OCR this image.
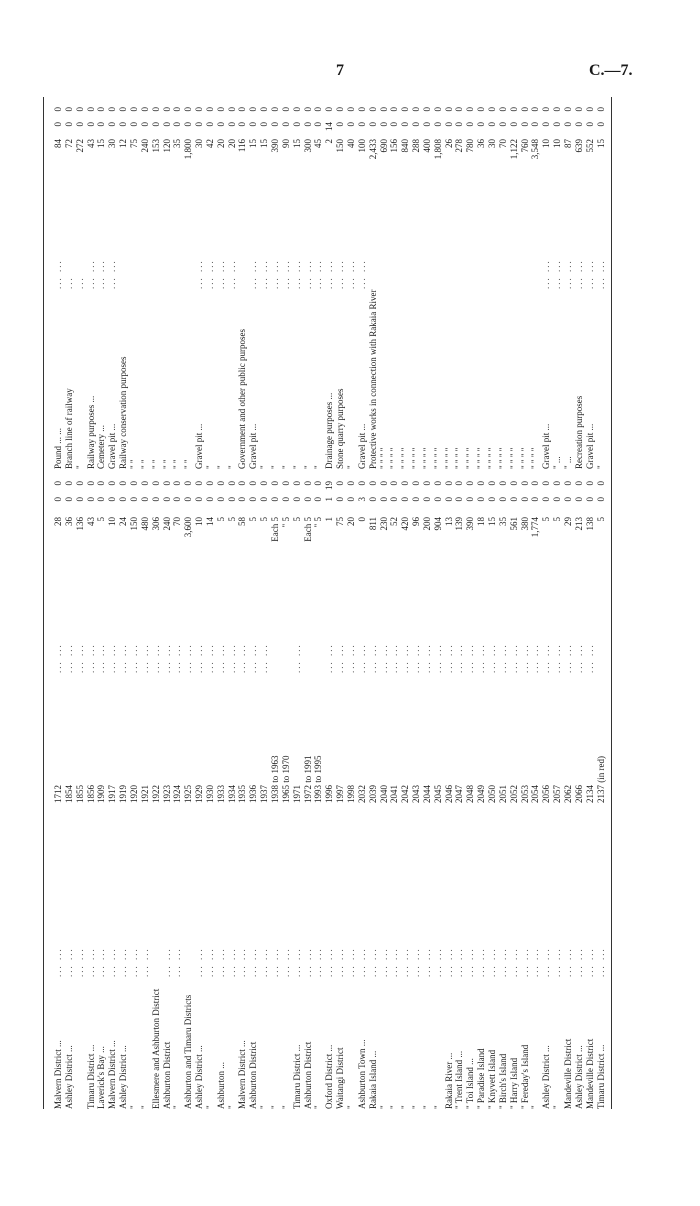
7	C.—7.
Malvern District ...
... ...
1712
... ...
28
0
0
Pound ... ...
... ...
84
0
0
Ashley District ...
... ...
1854
... ...
36
0
0
Branch line of railway
...
72
0
0
... ...
1855
... ...
136
0
0
"
...
272
0
0
Timaru District ...
... ...
1856
... ...
43
0
0
Railway purposes ...
... ...
43
0
0
Laverick's Bay ...
... ...
1909
... ...
5
0
0
Cemetery ...
... ...
15
0
0
Malvern District ...
... ...
1917
... ...
10
0
0
Gravel pit ...
... ...
30
0
0
Ashley District ...
... ...
1919
... ...
24
0
0
Railway conservation purposes
12
0
0
"
... ...
1920
... ...
150
0
0
" "
75
0
0
"
... ...
1921
... ...
480
0
0
" "
240
0
0
Ellesmere and Ashburton District
1922
... ...
306
0
0
" "
153
0
0
Ashburton District
... ...
1923
... ...
240
0
0
" "
120
0
0
"
... ...
1924
... ...
70
0
0
" "
35
0
0
Ashburton and Timaru Districts
1925
... ...
3,600
0
0
" "
1,800
0
0
Ashley District ...
... ...
1929
... ...
10
0
0
Gravel pit ...
... ...
30
0
0
"
... ...
1930
... ...
14
0
0
"
... ...
42
0
0
Ashburton ...
... ...
1933
... ...
5
0
0
"
... ...
20
0
0
"
... ...
1934
... ...
5
0
0
"
... ...
20
0
0
Malvern District ...
... ...
1935
... ...
58
0
0
Government and other public purposes
116
0
0
Ashburton District
... ...
1936
... ...
5
0
0
Gravel pit ...
... ...
15
0
0
"
... ...
1937
... ...
5
0
0
"
... ...
15
0
0
"
... ...
1938 to 1963
Each 5
0
0
"
... ...
390
0
0
"
... ...
1965 to 1970
" 5
0
0
"
... ...
90
0
0
Timaru District ...
... ...
1971
... ...
5
0
0
"
... ...
15
0
0
Ashburton District
... ...
1972 to 1991
Each 5
0
0
"
... ...
300
0
0
"
... ...
1993 to 1995
" 5
0
0
"
... ...
45
0
0
Oxford District ...
... ...
1996
... ...
1
1
19
Drainage purposes ...
... ...
2
14
0
Waitangi District
... ...
1997
... ...
75
0
0
Stone quarry purposes
... ...
150
0
0
"
... ...
1998
... ...
20
0
0
"
... ...
40
0
0
Ashburton Town ...
... ...
2032
... ...
0
3
0
Gravel pit ...
... ...
100
0
0
Rakaia Island ...
... ...
2039
... ...
811
0
0
Protective works in connection with Rakaia River
2,433
0
0
"
... ...
2040
... ...
230
0
0
" " " "
690
0
0
"
... ...
2041
... ...
52
0
0
" " " "
156
0
0
"
... ...
2042
... ...
420
0
0
" " " "
840
0
0
"
... ...
2043
... ...
96
0
0
" " " "
288
0
0
"
... ...
2044
... ...
200
0
0
" " " "
400
0
0
"
... ...
2045
... ...
904
0
0
" " " "
1,808
0
0
Rakaia River ...
... ...
2046
... ...
13
0
0
" " " "
26
0
0
" Trent Island ...
... ...
2047
... ...
139
0
0
" " " "
278
0
0
" Toi Island ...
... ...
2048
... ...
390
0
0
" " " "
780
0
0
" Paradise Island
... ...
2049
... ...
18
0
0
" " " "
36
0
0
" Knyvett Island
... ...
2050
... ...
15
0
0
" " " "
30
0
0
" Birch's Island
... ...
2051
... ...
35
0
0
" " " "
70
0
0
" Harry Island
... ...
2052
... ...
561
0
0
" " " "
1,122
0
0
" Fereday's Island
... ...
2053
... ...
380
0
0
" " " "
760
0
0
"
... ...
2054
... ...
1,774
0
0
" " " "
3,548
0
0
Ashley District ...
... ...
2056
... ...
5
0
0
Gravel pit ...
... ...
10
0
0
"
... ...
2057
... ...
5
0
0
" ...
... ...
10
0
0
Mandeville District
... ...
2062
... ...
29
0
0
" ...
... ...
87
0
0
Ashley District ...
... ...
2066
... ...
213
0
0
Recreation purposes
... ...
639
0
0
Mandeville District
... ...
2134
... ...
138
0
0
Gravel pit ...
... ...
552
0
0
Timaru District ...
... ...
2137 (in red)
5
0
0
"
... ...
15
0
0
